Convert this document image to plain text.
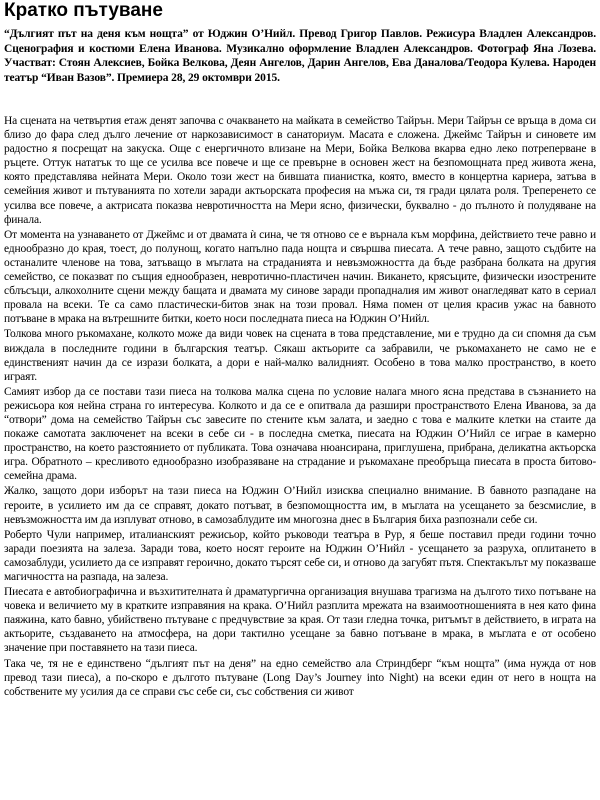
Кратко пътуване

“Дългият път на деня към нощта” от Юджин О’Нийл. Превод Григор Павлов. Режисура Владлен Александров. Сценография и костюми Елена Иванова. Музикално оформление Владлен Александров. Фотограф Яна Лозева. Участват: Стоян Алексиев, Бойка Велкова, Деян Ангелов, Дарин Ангелов, Ева Даналова/Теодора Кулева. Народен театър “Иван Вазов”. Премиера 28, 29 октомври 2015.

На сцената на четвъртия етаж денят започва с очакването на майката в семейство Тайрън. Мери Тайрън се връща в дома си близо до фара след дълго лечение от наркозависимост в санаториум. Масата е сложена. Джеймс Тайрън и синовете им радостно я посрещат на закуска. Още с енергичното влизане на Мери, Бойка Велкова вкарва едно леко потреперване в ръцете. Оттук нататък то ще се усилва все повече и ще се превърне в основен жест на безпомощната пред живота жена, която представлява нейната Мери. Около този жест на бившата пианистка, която, вместо в концертна кариера, затъва в семейния живот и пътуванията по хотели заради актьорската професия на мъжа си, тя гради цялата роля. Треперенето се усилва все повече, а актрисата показва невротичността на Мери ясно, физически, буквално - до пълното ѝ полудяване на финала.

От момента на узнаването от Джеймс и от двамата ѝ сина, че тя отново се е върнала към морфина, действието тече равно и еднообразно до края, тоест, до полунощ, когато напълно пада нощта и свършва пиесата. А тече равно, защото съдбите на останалите членове на това, затъващо в мъглата на страданията и невъзможността да бъде разбрана болката на другия семейство, се показват по същия еднообразен, невротично-пластичен начин. Виканeто, крясъците, физически изострените сблъсъци, алкохолните сцени между бащата и двамата му синове заради пропадналия им живот онагледяват като в сериал провала на всеки. Те са само пластически-битов знак на този провал. Няма помен от целия красив ужас на бавното потъване в мрака на вътрешните битки, което носи последната пиеса на Юджин О’Нийл.

Толкова много ръкомахане, колкото може да види човек на сцената в това представление, ми е трудно да си спомня да съм виждала в последните години в българския театър. Сякаш актьорите са забравили, че ръкомахането не само не е единственият начин да се изрази болката, а дори е най-малко валидният. Особено в това малко пространство, в което играят.

Самият избор да се постави тази пиеса на толкова малка сцена по условие налага много ясна представа в съзнанието на режисьора коя нейна страна го интересува. Колкото и да се е опитвала да разшири пространството Елена Иванова, за да “отвори” дома на семейство Тайрън със завесите по стените към залата, и заедно с това е малките клетки на стаите да покаже самотата заключенет на всеки в себе си - в последна сметка, пиесата на Юджин О’Нийл се играе в камерно пространство, на което разстоянието от публиката. Това означава нюансирана, приглушена, прибрана, деликатна актьорска игра. Обратното – кресливото еднообразно изобразяване на страдание и ръкомахане преобръща пиесата в проста битово-семейна драма.

Жалко, защото дори изборът на тази пиеса на Юджин О’Нийл изисква специално внимание. В бавното разпадане на героите, в усилието им да се справят, докато потъват, в безпомощността им, в мъглата на усещането за безсмислие, в невъзможността им да изплуват отново, в самозаблудите им многозна днес в България биха разпознали себе си.

Роберто Чули например, италианският режисьор, който ръководи театъра в Рур, я беше поставил преди години точно заради поезията на залеза. Заради това, което носят героите на Юджин О’Нийл - усещането за разруха, оплитането в самозаблуди, усилието да се изправят героично, докато търсят себе си, и отново да загубят пътя. Спектакълът му показваше магичността на разпада, на залеза.

Пиесата е автобиографична и възхитителната ѝ драматургична организация внушава трагизма на дългото тихо потъване на човека и величието му в кратките изправяния на крака. О’Нийл разплита мрежата на взаимоотношенията в нея като фина паяжина, като бавно, убийствено пътуване с предчувствие за края. От тази гледна точка, ритъмът в действието, в играта на актьорите, създаването на атмосфера, на дори тактилно усещане за бавно потъване в мрака, в мъглата е от особено значение при поставянето на тази пиеса.

Така че, тя не е единствено “дългият път на деня” на едно семейство ала Стриндберг “към нощта” (има нужда от нов превод тази пиеса), а по-скоро е дългото пътуване (Long Day’s Journey into Night) на всеки един от него в нощта на собствените му усилия да се справи със себе си, със собствения си живот
